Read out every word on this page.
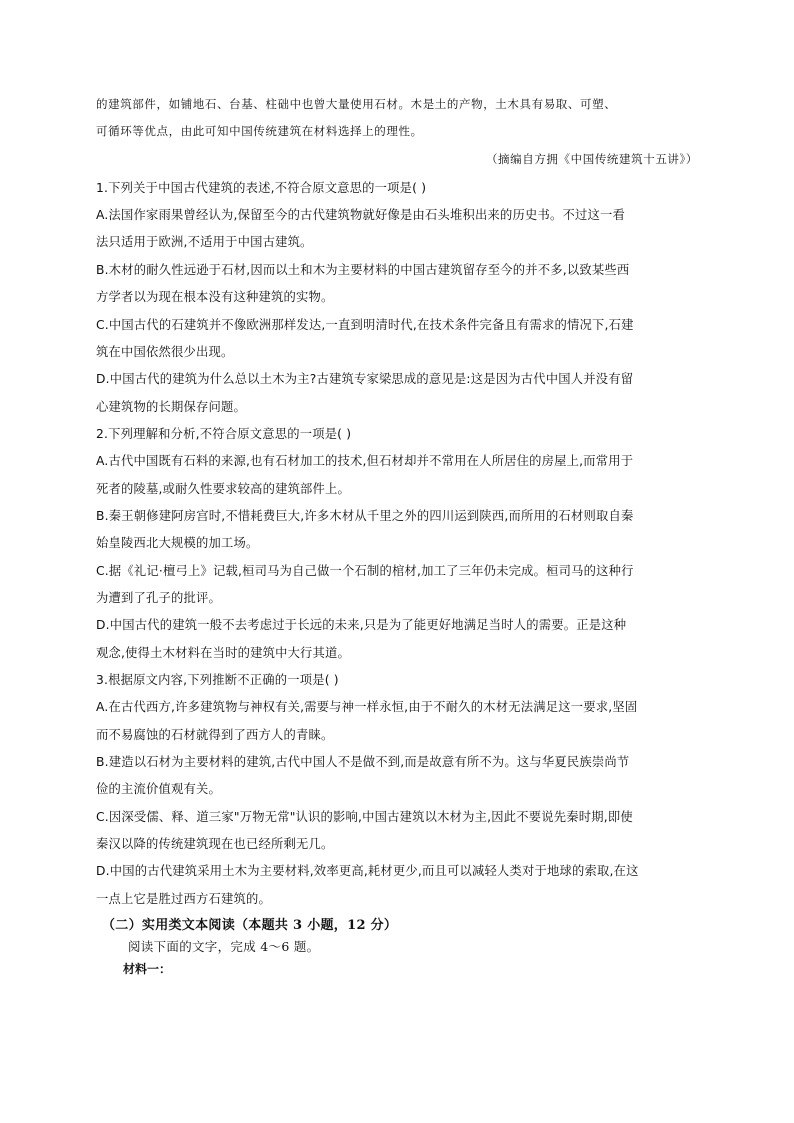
的建筑部件，如铺地石、台基、柱础中也曾大量使用石材。木是土的产物，土木具有易取、可塑、
可循环等优点，由此可知中国传统建筑在材料选择上的理性。
（摘编自方拥《中国传统建筑十五讲》）
1.下列关于中国古代建筑的表述,不符合原文意思的一项是( )
A.法国作家雨果曾经认为,保留至今的古代建筑物就好像是由石头堆积出来的历史书。不过这一看
法只适用于欧洲,不适用于中国古建筑。
B.木材的耐久性远逊于石材,因而以土和木为主要材料的中国古建筑留存至今的并不多,以致某些西
方学者以为现在根本没有这种建筑的实物。
C.中国古代的石建筑并不像欧洲那样发达,一直到明清时代,在技术条件完备且有需求的情况下,石建
筑在中国依然很少出现。
D.中国古代的建筑为什么总以土木为主?古建筑专家梁思成的意见是:这是因为古代中国人并没有留
心建筑物的长期保存问题。
2.下列理解和分析,不符合原文意思的一项是( )
A.古代中国既有石料的来源,也有石材加工的技术,但石材却并不常用在人所居住的房屋上,而常用于
死者的陵墓,或耐久性要求较高的建筑部件上。
B.秦王朝修建阿房宫时,不惜耗费巨大,许多木材从千里之外的四川运到陕西,而所用的石材则取自秦
始皇陵西北大规模的加工场。
C.据《礼记·檀弓上》记载,桓司马为自己做一个石制的棺材,加工了三年仍未完成。桓司马的这种行
为遭到了孔子的批评。
D.中国古代的建筑一般不去考虑过于长远的未来,只是为了能更好地满足当时人的需要。正是这种
观念,使得土木材料在当时的建筑中大行其道。
3.根据原文内容,下列推断不正确的一项是( )
A.在古代西方,许多建筑物与神权有关,需要与神一样永恒,由于不耐久的木材无法满足这一要求,坚固
而不易腐蚀的石材就得到了西方人的青睐。
B.建造以石材为主要材料的建筑,古代中国人不是做不到,而是故意有所不为。这与华夏民族崇尚节
俭的主流价值观有关。
C.因深受儒、释、道三家"万物无常"认识的影响,中国古建筑以木材为主,因此不要说先秦时期,即使
秦汉以降的传统建筑现在也已经所剩无几。
D.中国的古代建筑采用土木为主要材料,效率更高,耗材更少,而且可以减轻人类对于地球的索取,在这
一点上它是胜过西方石建筑的。
（二）实用类文本阅读（本题共 3 小题，12 分）
阅读下面的文字，完成 4～6 题。
材料一：
